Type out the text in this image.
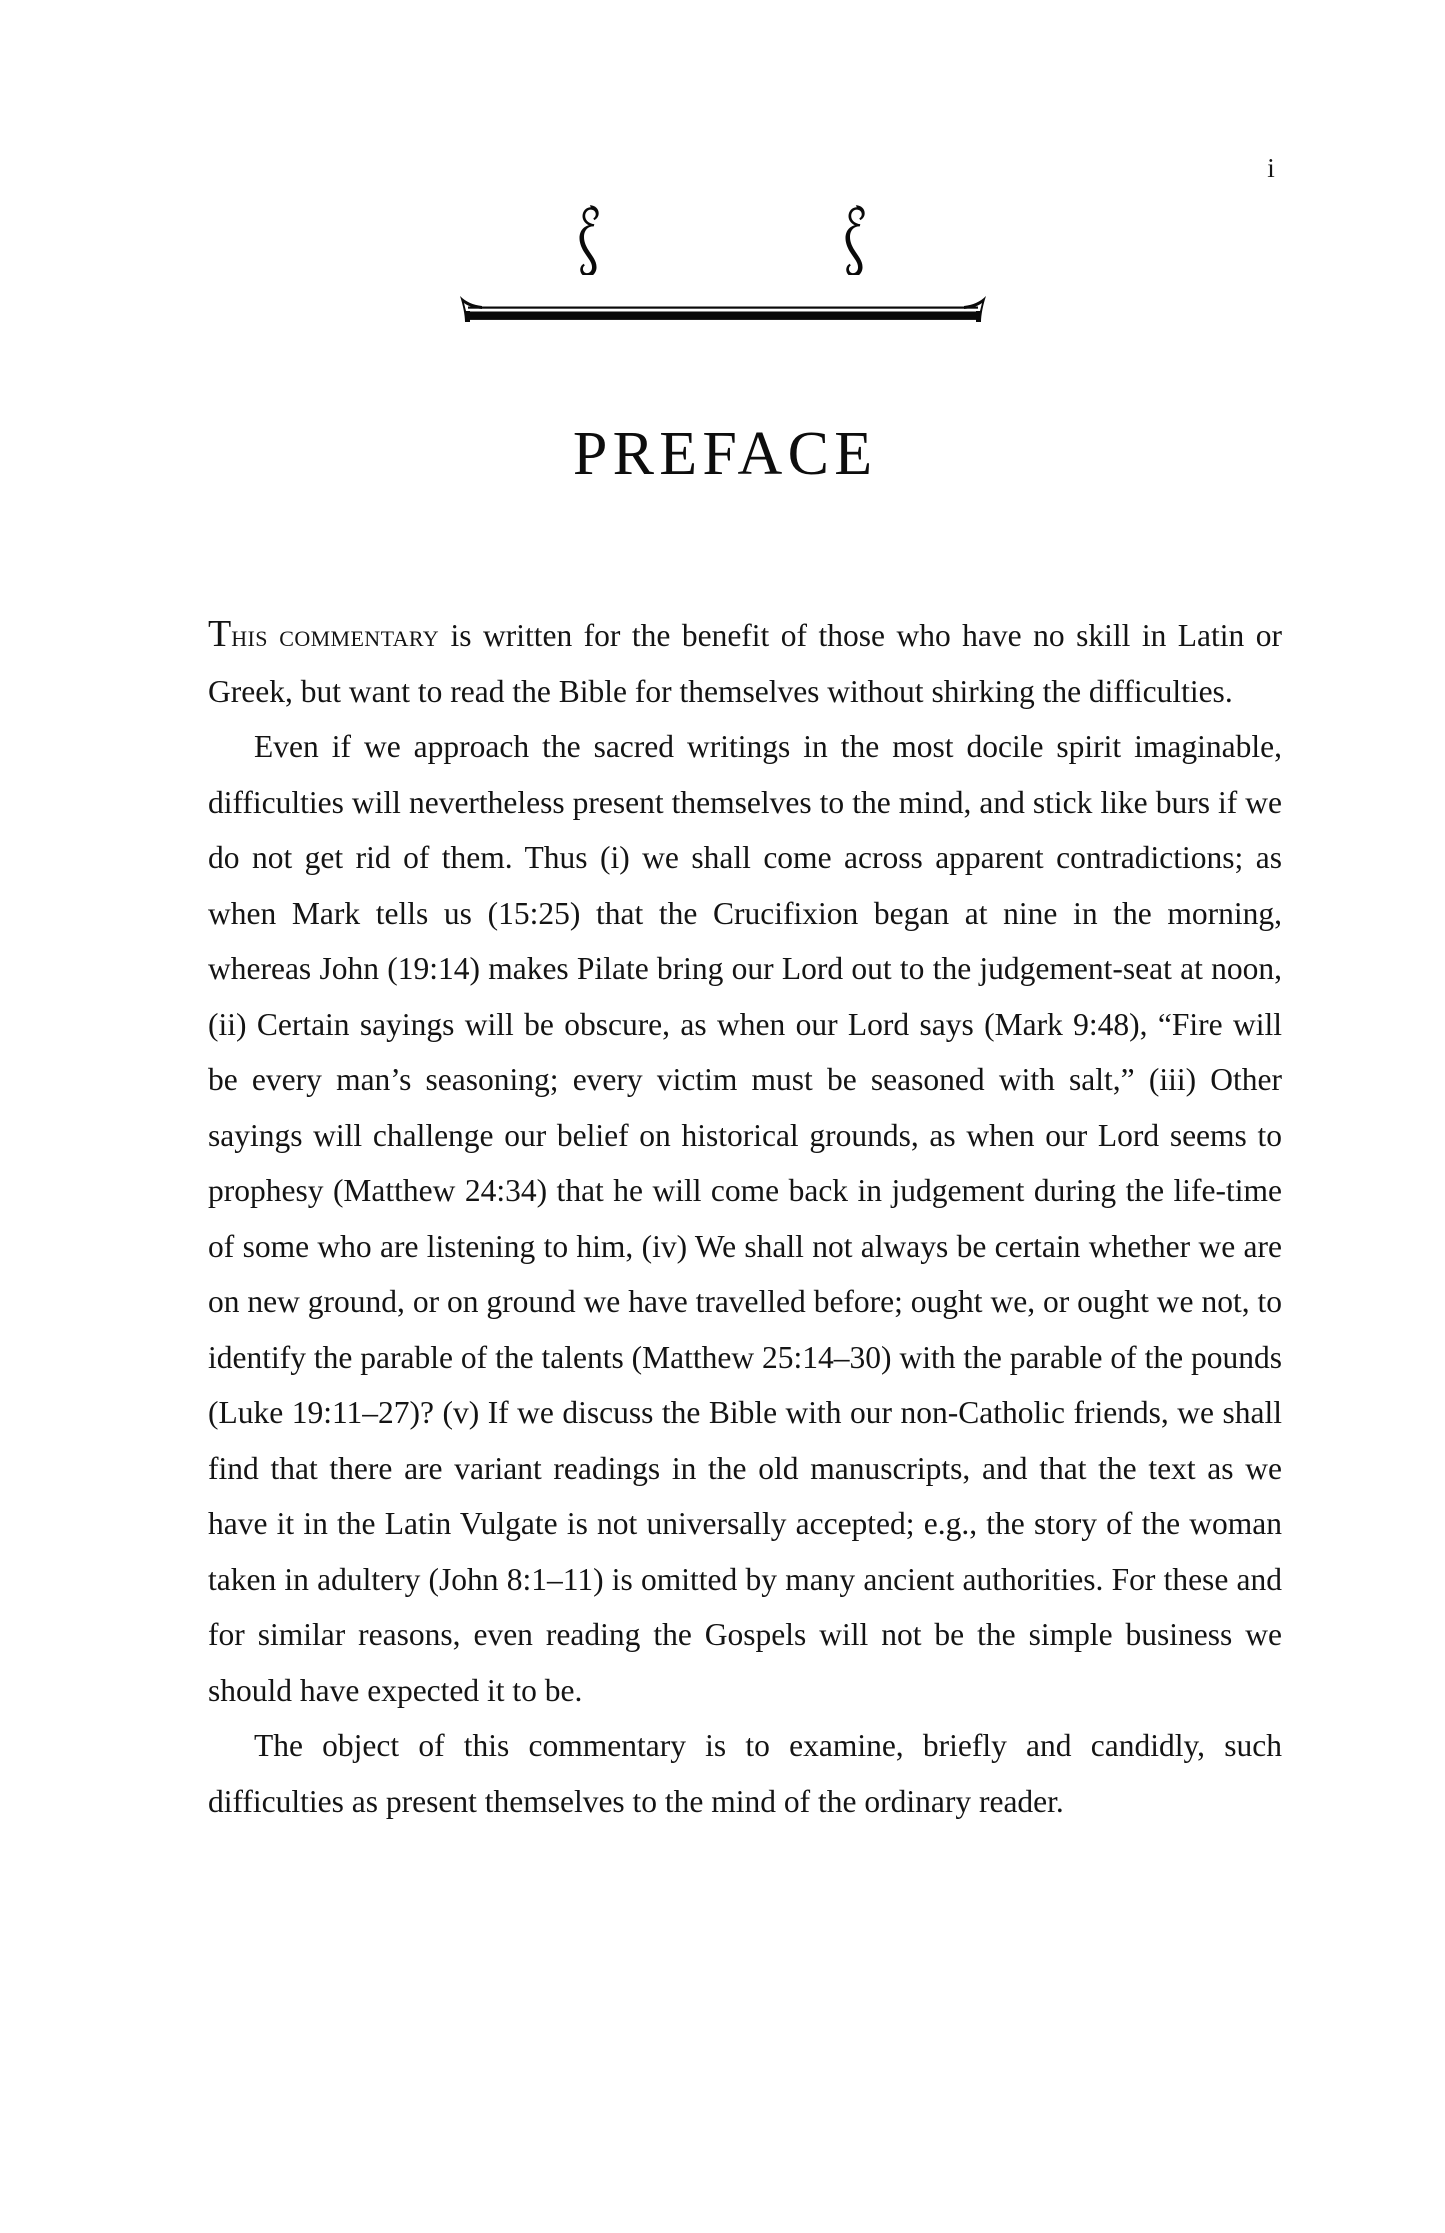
i
PREFACE

This commentary is written for the benefit of those who have no skill in Latin or Greek, but want to read the Bible for themselves without shirking the difficulties.

Even if we approach the sacred writings in the most docile spirit imaginable, difficulties will nevertheless present themselves to the mind, and stick like burs if we do not get rid of them. Thus (i) we shall come across apparent contradictions; as when Mark tells us (15:25) that the Crucifixion began at nine in the morning, whereas John (19:14) makes Pilate bring our Lord out to the judgement-seat at noon, (ii) Certain sayings will be obscure, as when our Lord says (Mark 9:48), “Fire will be every man’s seasoning; every victim must be seasoned with salt,” (iii) Other sayings will challenge our belief on historical grounds, as when our Lord seems to prophesy (Matthew 24:34) that he will come back in judgement during the life-time of some who are listening to him, (iv) We shall not always be certain whether we are on new ground, or on ground we have travelled before; ought we, or ought we not, to identify the parable of the talents (Matthew 25:14–30) with the parable of the pounds (Luke 19:11–27)? (v) If we discuss the Bible with our non-Catholic friends, we shall find that there are variant readings in the old manuscripts, and that the text as we have it in the Latin Vulgate is not universally accepted; e.g., the story of the woman taken in adultery (John 8:1–11) is omitted by many ancient authorities. For these and for similar reasons, even reading the Gospels will not be the simple business we should have expected it to be.

The object of this commentary is to examine, briefly and candidly, such difficulties as present themselves to the mind of the ordinary reader.
